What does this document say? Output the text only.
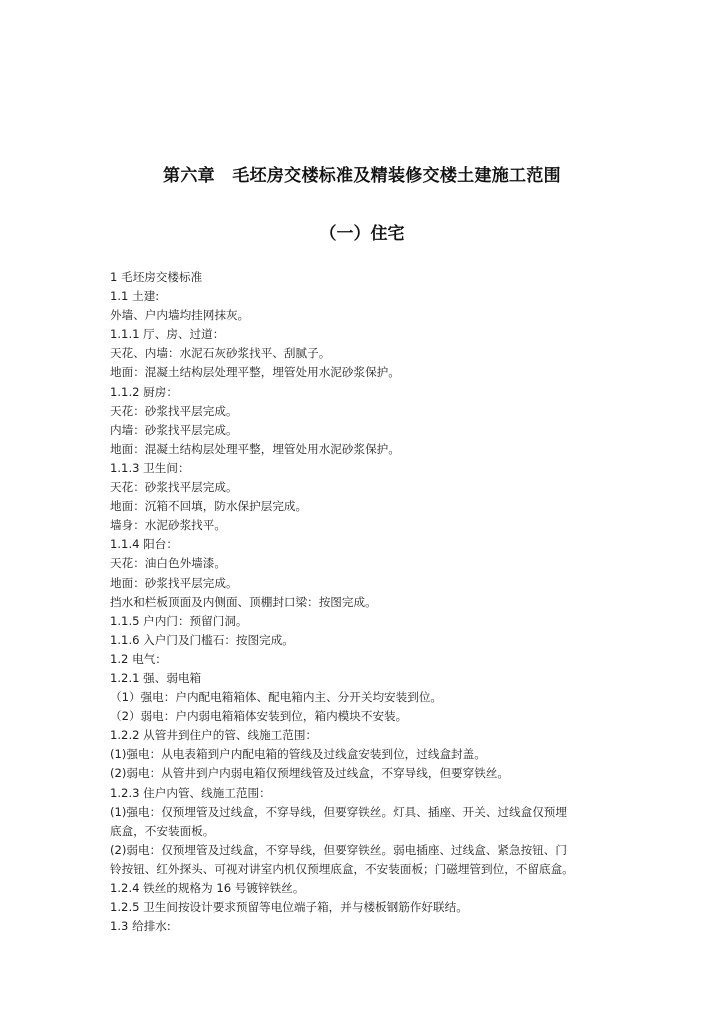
第六章　毛坯房交楼标准及精装修交楼土建施工范围
（一）住宅
1 毛坯房交楼标准
1.1 土建:
外墙、户内墙均挂网抹灰。
1.1.1 厅、房、过道：
天花、内墙：水泥石灰砂浆找平、刮腻子。
地面：混凝土结构层处理平整，埋管处用水泥砂浆保护。
1.1.2 厨房：
天花：砂浆找平层完成。
内墙：砂浆找平层完成。
地面：混凝土结构层处理平整，埋管处用水泥砂浆保护。
1.1.3 卫生间：
天花：砂浆找平层完成。
地面：沉箱不回填，防水保护层完成。
墙身：水泥砂浆找平。
1.1.4 阳台：
天花：油白色外墙漆。
地面：砂浆找平层完成。
挡水和栏板顶面及内侧面、顶棚封口梁：按图完成。
1.1.5 户内门：预留门洞。
1.1.6 入户门及门槛石：按图完成。
1.2 电气：
1.2.1 强、弱电箱
（1）强电：户内配电箱箱体、配电箱内主、分开关均安装到位。
（2）弱电：户内弱电箱箱体安装到位，箱内模块不安装。
1.2.2 从管井到住户的管、线施工范围：
(1)强电：从电表箱到户内配电箱的管线及过线盒安装到位，过线盒封盖。
(2)弱电：从管井到户内弱电箱仅预埋线管及过线盒，不穿导线，但要穿铁丝。
1.2.3 住户内管、线施工范围：
(1)强电：仅预埋管及过线盒，不穿导线，但要穿铁丝。灯具、插座、开关、过线盒仅预埋
底盒，不安装面板。
(2)弱电：仅预埋管及过线盒，不穿导线，但要穿铁丝。弱电插座、过线盒、紧急按钮、门
铃按钮、红外探头、可视对讲室内机仅预埋底盒，不安装面板；门磁埋管到位，不留底盒。
1.2.4 铁丝的规格为 16 号镀锌铁丝。
1.2.5 卫生间按设计要求预留等电位端子箱，并与楼板钢筋作好联结。
1.3 给排水:
